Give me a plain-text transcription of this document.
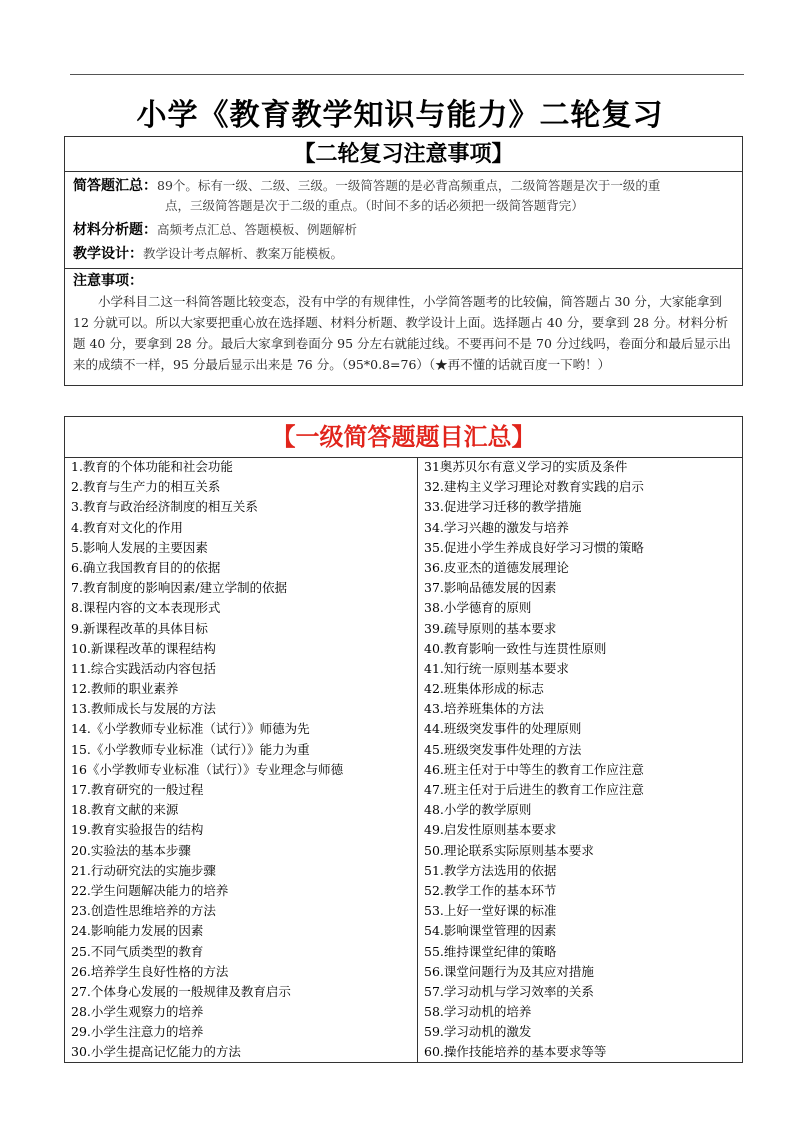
小学《教育教学知识与能力》二轮复习
【二轮复习注意事项】
简答题汇总：89个。标有一级、二级、三级。一级简答题的是必背高频重点，二级简答题是次于一级的重
点，三级简答题是次于二级的重点。（时间不多的话必须把一级简答题背完）
材料分析题：高频考点汇总、答题模板、例题解析
教学设计：教学设计考点解析、教案万能模板。
注意事项：
小学科目二这一科简答题比较变态，没有中学的有规律性，小学简答题考的比较偏，简答题占 30 分，大家能拿到 12 分就可以。所以大家要把重心放在选择题、材料分析题、教学设计上面。选择题占 40 分，要拿到 28 分。材料分析题 40 分，要拿到 28 分。最后大家拿到卷面分 95 分左右就能过线。不要再问不是 70 分过线吗，卷面分和最后显示出来的成绩不一样，95 分最后显示出来是 76 分。（95*0.8=76）（★再不懂的话就百度一下哟！）
【一级简答题题目汇总】
1.教育的个体功能和社会功能
2.教育与生产力的相互关系
3.教育与政治经济制度的相互关系
4.教育对文化的作用
5.影响人发展的主要因素
6.确立我国教育目的的依据
7.教育制度的影响因素/建立学制的依据
8.课程内容的文本表现形式
9.新课程改革的具体目标
10.新课程改革的课程结构
11.综合实践活动内容包括
12.教师的职业素养
13.教师成长与发展的方法
14.《小学教师专业标准（试行）》师德为先
15.《小学教师专业标准（试行）》能力为重
16《小学教师专业标准（试行）》专业理念与师德
17.教育研究的一般过程
18.教育文献的来源
19.教育实验报告的结构
20.实验法的基本步骤
21.行动研究法的实施步骤
22.学生问题解决能力的培养
23.创造性思维培养的方法
24.影响能力发展的因素
25.不同气质类型的教育
26.培养学生良好性格的方法
27.个体身心发展的一般规律及教育启示
28.小学生观察力的培养
29.小学生注意力的培养
30.小学生提高记忆能力的方法
31奥苏贝尔有意义学习的实质及条件
32.建构主义学习理论对教育实践的启示
33.促进学习迁移的教学措施
34.学习兴趣的激发与培养
35.促进小学生养成良好学习习惯的策略
36.皮亚杰的道德发展理论
37.影响品德发展的因素
38.小学德育的原则
39.疏导原则的基本要求
40.教育影响一致性与连贯性原则
41.知行统一原则基本要求
42.班集体形成的标志
43.培养班集体的方法
44.班级突发事件的处理原则
45.班级突发事件处理的方法
46.班主任对于中等生的教育工作应注意
47.班主任对于后进生的教育工作应注意
48.小学的教学原则
49.启发性原则基本要求
50.理论联系实际原则基本要求
51.教学方法选用的依据
52.教学工作的基本环节
53.上好一堂好课的标准
54.影响课堂管理的因素
55.维持课堂纪律的策略
56.课堂问题行为及其应对措施
57.学习动机与学习效率的关系
58.学习动机的培养
59.学习动机的激发
60.操作技能培养的基本要求等等
